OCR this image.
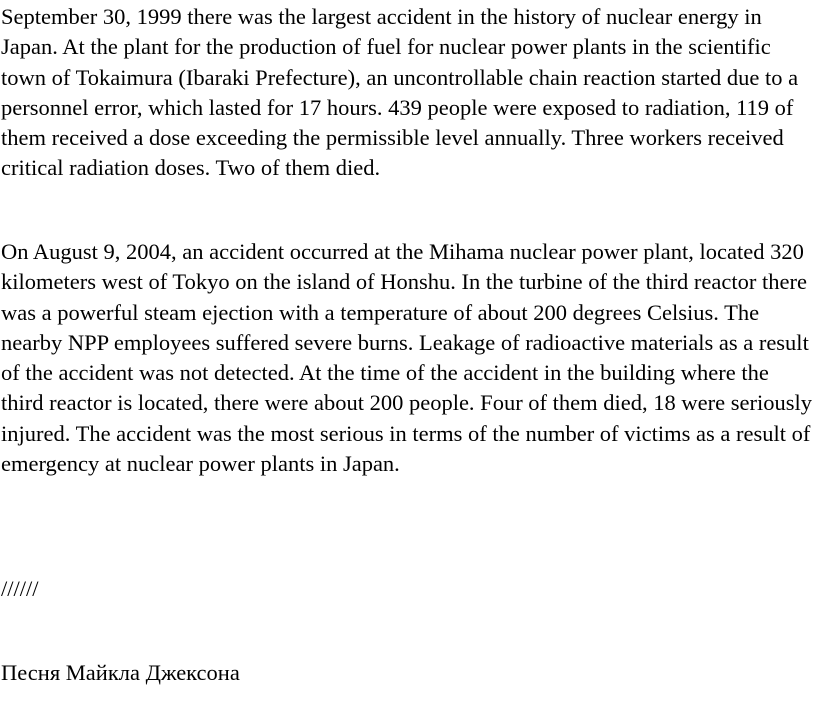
September 30, 1999 there was the largest accident in the history of nuclear energy in Japan. At the plant for the production of fuel for nuclear power plants in the scientific town of Tokaimura (Ibaraki Prefecture), an uncontrollable chain reaction started due to a personnel error, which lasted for 17 hours. 439 people were exposed to radiation, 119 of them received a dose exceeding the permissible level annually. Three workers received critical radiation doses. Two of them died.

On August 9, 2004, an accident occurred at the Mihama nuclear power plant, located 320 kilometers west of Tokyo on the island of Honshu. In the turbine of the third reactor there was a powerful steam ejection with a temperature of about 200 degrees Celsius. The nearby NPP employees suffered severe burns. Leakage of radioactive materials as a result of the accident was not detected. At the time of the accident in the building where the third reactor is located, there were about 200 people. Four of them died, 18 were seriously injured. The accident was the most serious in terms of the number of victims as a result of emergency at nuclear power plants in Japan.

//////

Песня Майкла Джексона
